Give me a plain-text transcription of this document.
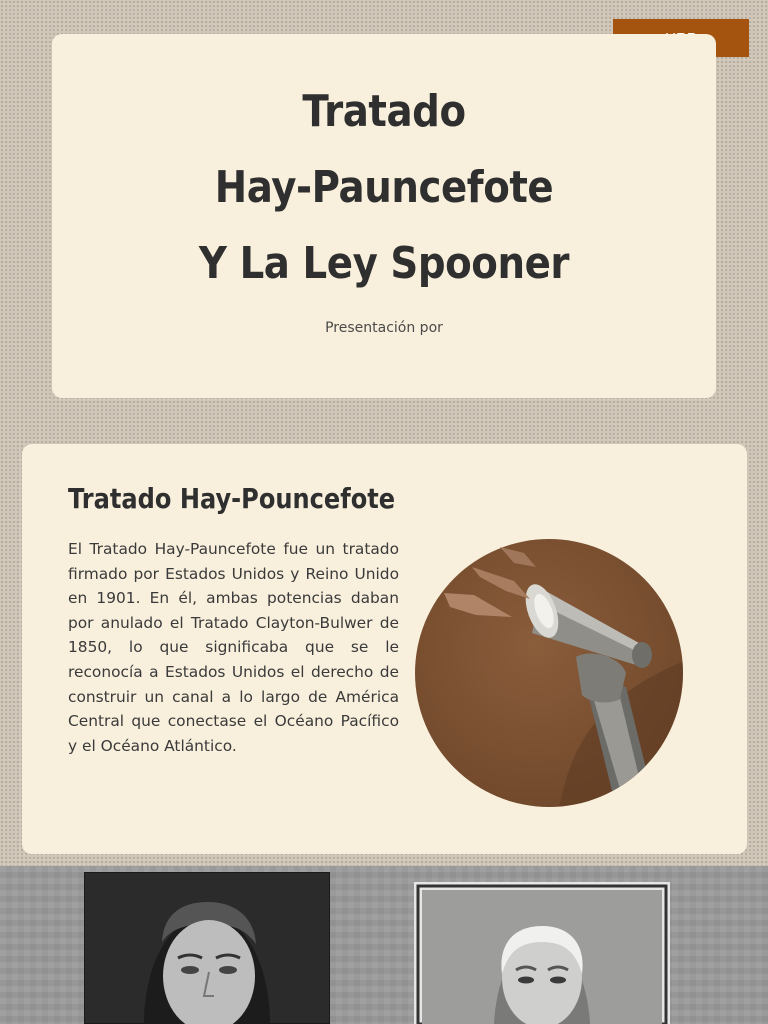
Tratado
Hay-Pauncefote
Y La Ley Spooner
Presentación por
Tratado Hay-Pouncefote

El Tratado Hay-Pauncefote fue un tratado firmado por Estados Unidos y Reino Unido en 1901. En él, ambas potencias daban por anulado el Tratado Clayton-Bulwer de 1850, lo que significaba que se le reconocía a Estados Unidos el derecho de construir un canal a lo largo de América Central que conectase el Océano Pacífico y el Océano Atlántico.
